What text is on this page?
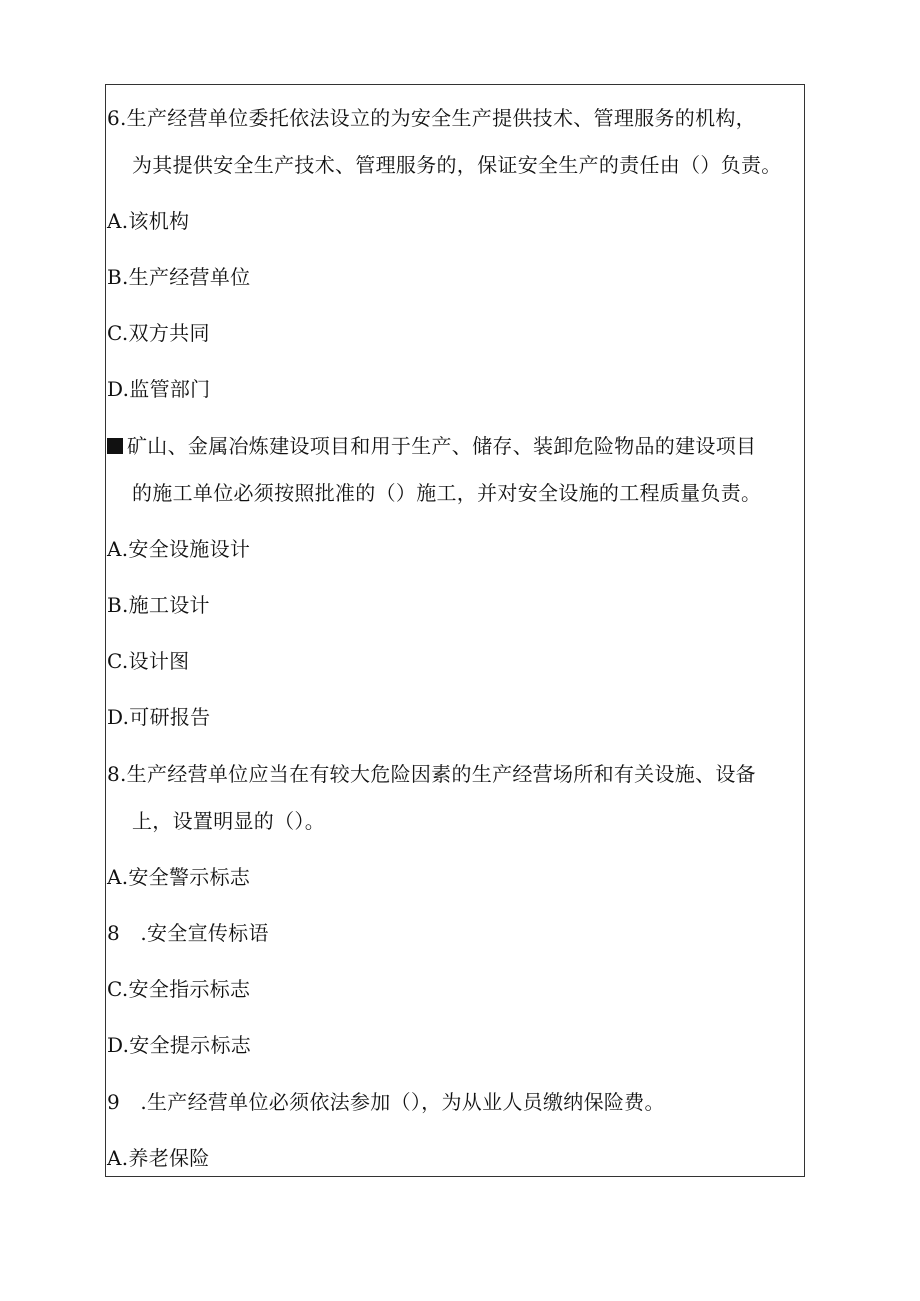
6.生产经营单位委托依法设立的为安全生产提供技术、管理服务的机构，
为其提供安全生产技术、管理服务的，保证安全生产的责任由（）负责。
A.该机构
B.生产经营单位
C.双方共同
D.监管部门
矿山、金属冶炼建设项目和用于生产、储存、装卸危险物品的建设项目
的施工单位必须按照批准的（）施工，并对安全设施的工程质量负责。
A.安全设施设计
B.施工设计
C.设计图
D.可研报告
8.生产经营单位应当在有较大危险因素的生产经营场所和有关设施、设备
上，设置明显的（）。
A.安全警示标志
8　.安全宣传标语
C.安全指示标志
D.安全提示标志
9　.生产经营单位必须依法参加（），为从业人员缴纳保险费。
A.养老保险
